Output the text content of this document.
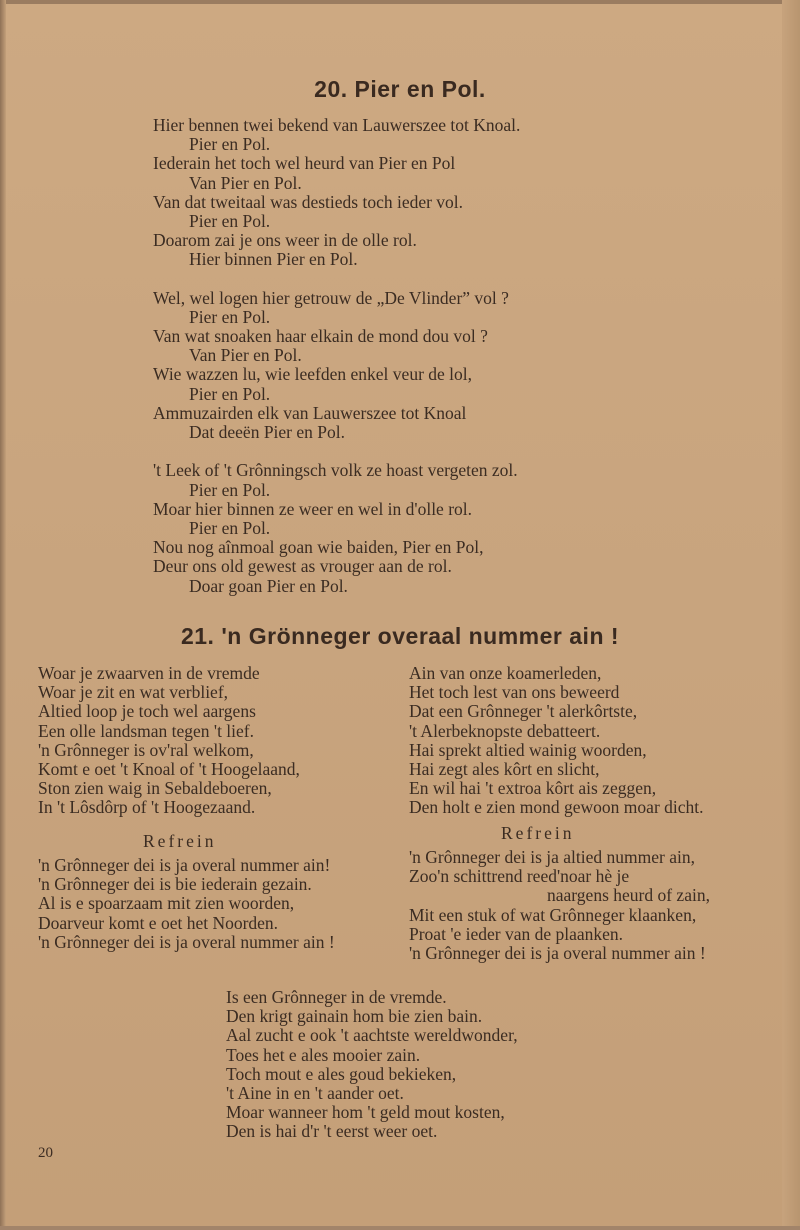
20. Pier en Pol.
Hier bennen twei bekend van Lauwerszee tot Knoal.
Pier en Pol.
Iederain het toch wel heurd van Pier en Pol
Van Pier en Pol.
Van dat tweitaal was destieds toch ieder vol.
Pier en Pol.
Doarom zai je ons weer in de olle rol.
Hier binnen Pier en Pol.
Wel, wel logen hier getrouw de „De Vlinder” vol ?
Pier en Pol.
Van wat snoaken haar elkain de mond dou vol ?
Van Pier en Pol.
Wie wazzen lu, wie leefden enkel veur de lol,
Pier en Pol.
Ammuzairden elk van Lauwerszee tot Knoal
Dat deeën Pier en Pol.
't Leek of 't Grônningsch volk ze hoast vergeten zol.
Pier en Pol.
Moar hier binnen ze weer en wel in d'olle rol.
Pier en Pol.
Nou nog aînmoal goan wie baiden, Pier en Pol,
Deur ons old gewest as vrouger aan de rol.
Doar goan Pier en Pol.
21. 'n Grönneger overaal nummer ain !
Woar je zwaarven in de vremde
Woar je zit en wat verblief,
Altied loop je toch wel aargens
Een olle landsman tegen 't lief.
'n Grônneger is ov'ral welkom,
Komt e oet 't Knoal of 't Hoogelaand,
Ston zien waig in Sebaldeboeren,
In 't Lôsdôrp of 't Hoogezaand.
Ain van onze koamerleden,
Het toch lest van ons beweerd
Dat een Grônneger 't alerkôrtste,
't Alerbeknopste debatteert.
Hai sprekt altied wainig woorden,
Hai zegt ales kôrt en slicht,
En wil hai 't extroa kôrt ais zeggen,
Den holt e zien mond gewoon moar dicht.
Refrein	Refrein
'n Grônneger dei is ja overal nummer ain!
'n Grônneger dei is bie iederain gezain.
Al is e spoarzaam mit zien woorden,
Doarveur komt e oet het Noorden.
'n Grônneger dei is ja overal nummer ain !
'n Grônneger dei is ja altied nummer ain,
Zoo'n schittrend reed'noar hè je
naargens heurd of zain,
Mit een stuk of wat Grônneger klaanken,
Proat 'e ieder van de plaanken.
'n Grônneger dei is ja overal nummer ain !
Is een Grônneger in de vremde.
Den krigt gainain hom bie zien bain.
Aal zucht e ook 't aachtste wereldwonder,
Toes het e ales mooier zain.
Toch mout e ales goud bekieken,
't Aine in en 't aander oet.
Moar wanneer hom 't geld mout kosten,
Den is hai d'r 't eerst weer oet.
20
